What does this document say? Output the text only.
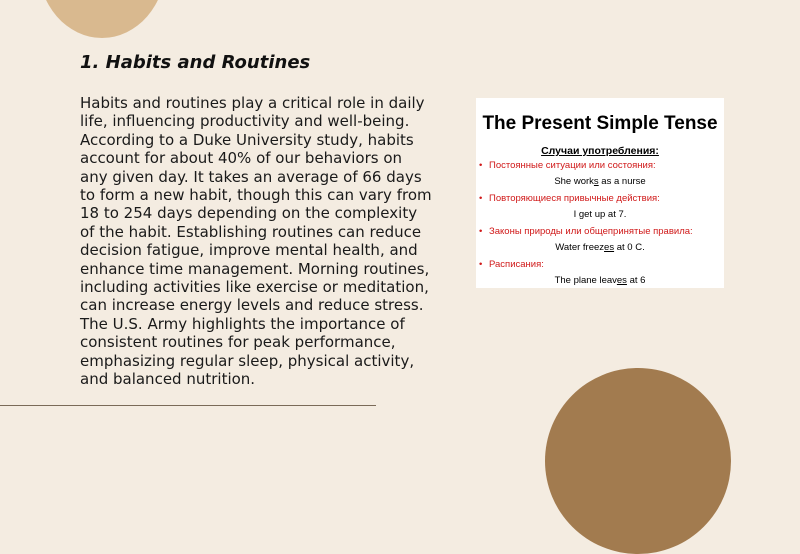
1. Habits and Routines

Habits and routines play a critical role in daily life, influencing productivity and well-being. According to a Duke University study, habits account for about 40% of our behaviors on any given day. It takes an average of 66 days to form a new habit, though this can vary from 18 to 254 days depending on the complexity of the habit. Establishing routines can reduce decision fatigue, improve mental health, and enhance time management. Morning routines, including activities like exercise or meditation, can increase energy levels and reduce stress. The U.S. Army highlights the importance of consistent routines for peak performance, emphasizing regular sleep, physical activity, and balanced nutrition.

The Present Simple Tense
Случаи употребления:
• Постоянные ситуации или состояния:
She works as a nurse
• Повторяющиеся привычные действия:
I get up at 7.
• Законы природы или общепринятые правила:
Water freezes at 0 C.
• Расписания:
The plane leaves at 6
